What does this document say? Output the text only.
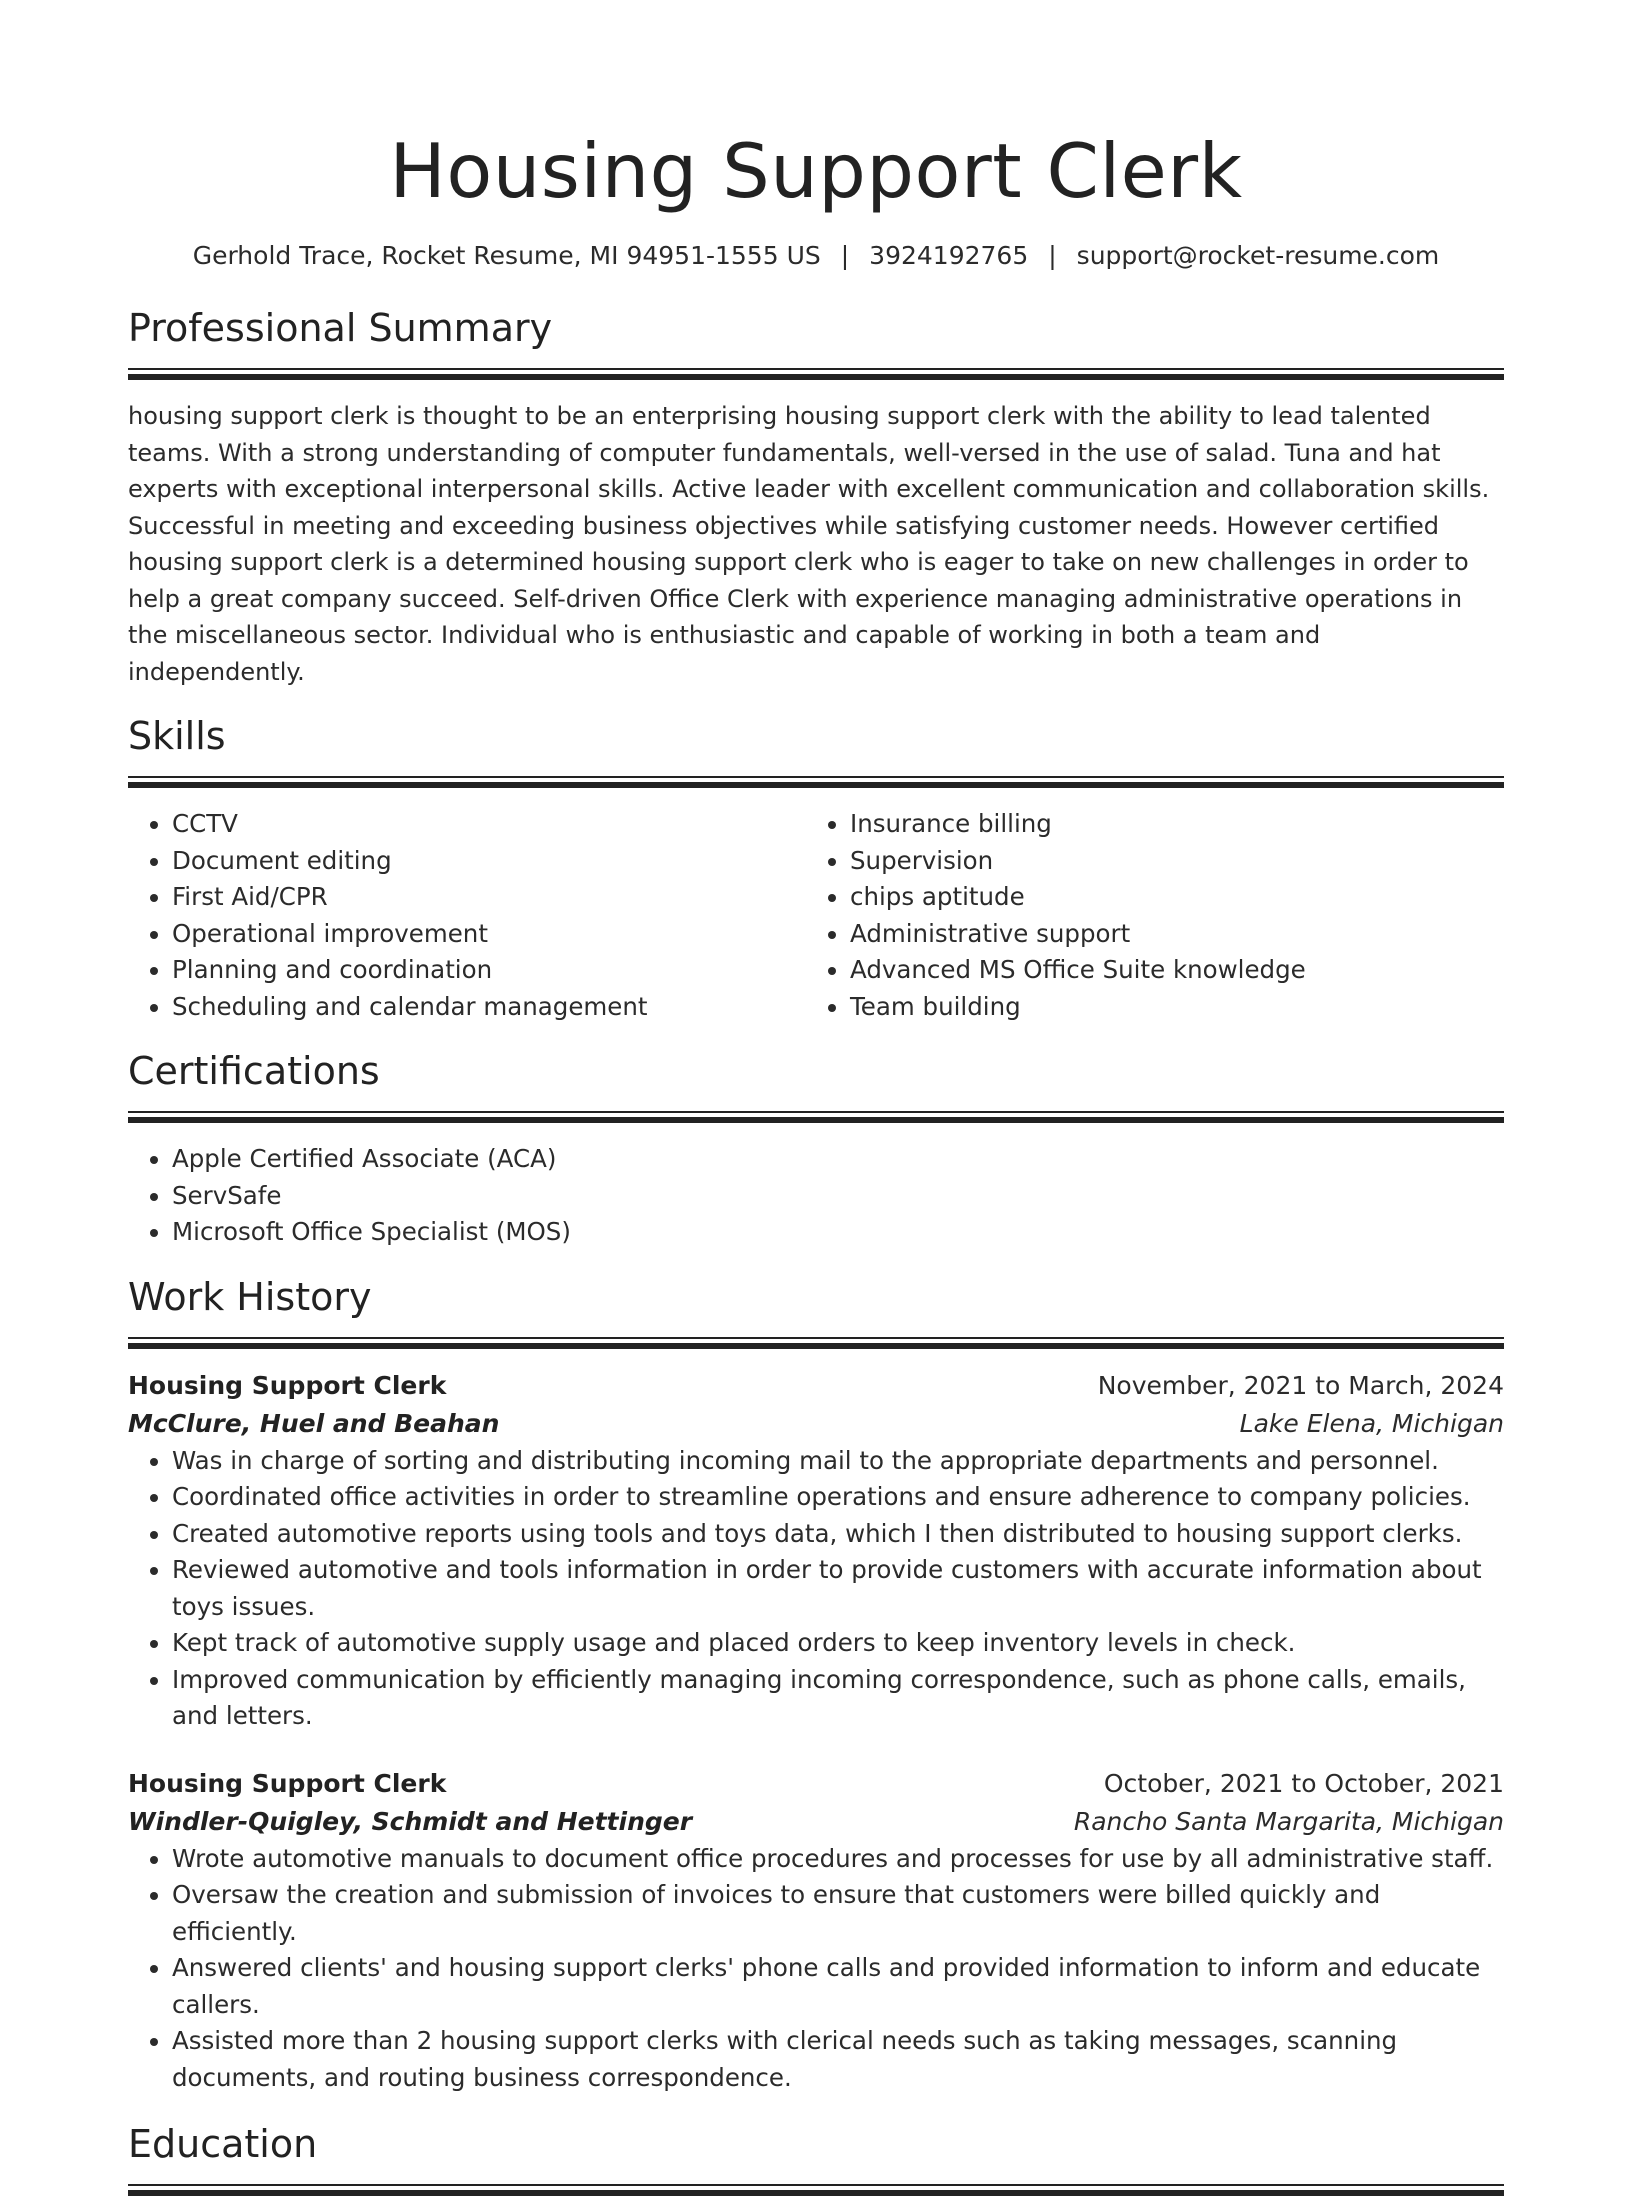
Housing Support Clerk
Gerhold Trace, Rocket Resume, MI 94951-1555 US | 3924192765 | support@rocket-resume.com
Professional Summary

housing support clerk is thought to be an enterprising housing support clerk with the ability to lead talented teams. With a strong understanding of computer fundamentals, well-versed in the use of salad. Tuna and hat experts with exceptional interpersonal skills. Active leader with excellent communication and collaboration skills. Successful in meeting and exceeding business objectives while satisfying customer needs. However certified housing support clerk is a determined housing support clerk who is eager to take on new challenges in order to help a great company succeed. Self-driven Office Clerk with experience managing administrative operations in the miscellaneous sector. Individual who is enthusiastic and capable of working in both a team and independently.

Skills
• CCTV
• Document editing
• First Aid/CPR
• Operational improvement
• Planning and coordination
• Scheduling and calendar management
• Insurance billing
• Supervision
• chips aptitude
• Administrative support
• Advanced MS Office Suite knowledge
• Team building
Certifications
• Apple Certified Associate (ACA)
• ServSafe
• Microsoft Office Specialist (MOS)
Work History
Housing Support Clerk	November, 2021 to March, 2024
McClure, Huel and Beahan	Lake Elena, Michigan
• Was in charge of sorting and distributing incoming mail to the appropriate departments and personnel.
• Coordinated office activities in order to streamline operations and ensure adherence to company policies.
• Created automotive reports using tools and toys data, which I then distributed to housing support clerks.
• Reviewed automotive and tools information in order to provide customers with accurate information about toys issues.
• Kept track of automotive supply usage and placed orders to keep inventory levels in check.
• Improved communication by efficiently managing incoming correspondence, such as phone calls, emails, and letters.
Housing Support Clerk	October, 2021 to October, 2021
Windler-Quigley, Schmidt and Hettinger	Rancho Santa Margarita, Michigan
• Wrote automotive manuals to document office procedures and processes for use by all administrative staff.
• Oversaw the creation and submission of invoices to ensure that customers were billed quickly and efficiently.
• Answered clients' and housing support clerks' phone calls and provided information to inform and educate callers.
• Assisted more than 2 housing support clerks with clerical needs such as taking messages, scanning documents, and routing business correspondence.
Education
